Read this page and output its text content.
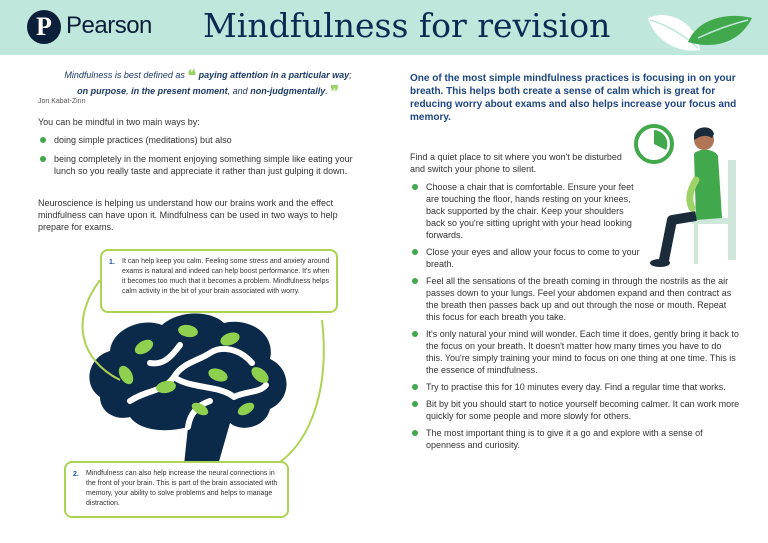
P Pearson Mindfulness for revision
Mindfulness is best defined as ❝ paying attention in a particular way;
on purpose, in the present moment, and non-judgmentally. ❞
Jon Kabat-Zinn
You can be mindful in two main ways by:
doing simple practices (meditations) but also
being completely in the moment enjoying something simple like eating your lunch so you really taste and appreciate it rather than just gulping it down.
Neuroscience is helping us understand how our brains work and the effect mindfulness can have upon it. Mindfulness can be used in two ways to help prepare for exams.
1. It can help keep you calm. Feeling some stress and anxiety around exams is natural and indeed can help boost performance. It's when it becomes too much that it becomes a problem. Mindfulness helps calm activity in the bit of your brain associated with worry.
2. Mindfulness can also help increase the neural connections in the front of your brain. This is part of the brain associated with memory, your ability to solve problems and helps to manage distraction.
One of the most simple mindfulness practices is focusing in on your breath. This helps both create a sense of calm which is great for reducing worry about exams and also helps increase your focus and memory.
Find a quiet place to sit where you won't be disturbed and switch your phone to silent.
Choose a chair that is comfortable. Ensure your feet are touching the floor, hands resting on your knees, back supported by the chair. Keep your shoulders back so you're sitting upright with your head looking forwards.
Close your eyes and allow your focus to come to your breath.
Feel all the sensations of the breath coming in through the nostrils as the air passes down to your lungs. Feel your abdomen expand and then contract as the breath then passes back up and out through the nose or mouth. Repeat this focus for each breath you take.
It's only natural your mind will wonder. Each time it does, gently bring it back to the focus on your breath. It doesn't matter how many times you have to do this. You're simply training your mind to focus on one thing at one time. This is the essence of mindfulness.
Try to practise this for 10 minutes every day. Find a regular time that works.
Bit by bit you should start to notice yourself becoming calmer. It can work more quickly for some people and more slowly for others.
The most important thing is to give it a go and explore with a sense of openness and curiosity.
